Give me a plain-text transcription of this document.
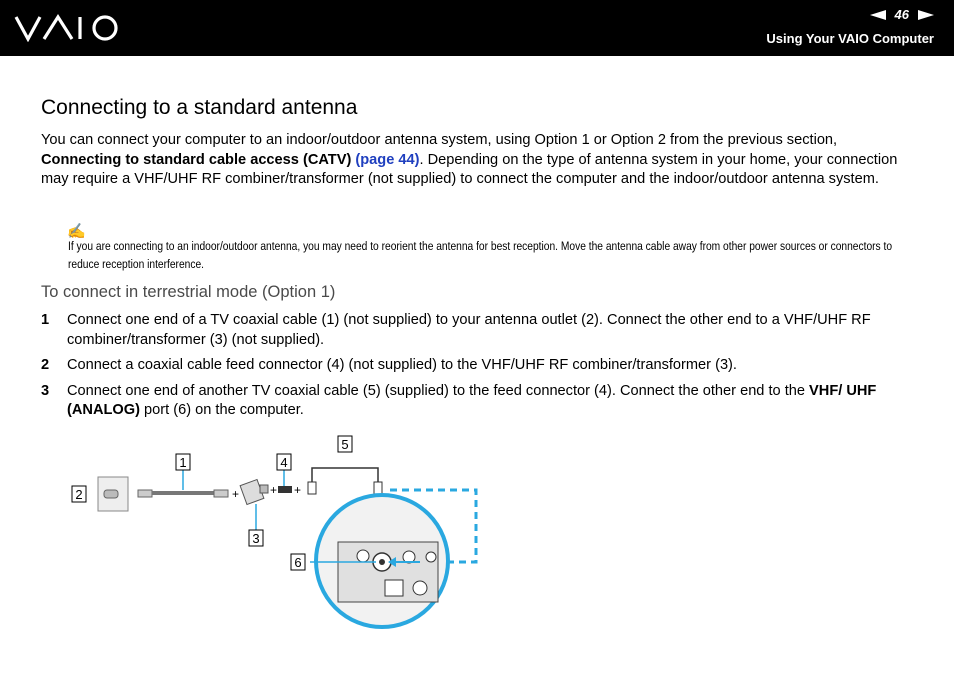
46
Using Your VAIO Computer
Connecting to a standard antenna

You can connect your computer to an indoor/outdoor antenna system, using Option 1 or Option 2 from the previous section, Connecting to standard cable access (CATV) (page 44). Depending on the type of antenna system in your home, your connection may require a VHF/UHF RF combiner/transformer (not supplied) to connect the computer and the indoor/outdoor antenna system.

✍

If you are connecting to an indoor/outdoor antenna, you may need to reorient the antenna for best reception. Move the antenna cable away from other power sources or connectors to reduce reception interference.

To connect in terrestrial mode (Option 1)
1	Connect one end of a TV coaxial cable (1) (not supplied) to your antenna outlet (2). Connect the other end to a VHF/UHF RF combiner/transformer (3) (not supplied).
2	Connect a coaxial cable feed connector (4) (not supplied) to the VHF/UHF RF combiner/transformer (3).
3	Connect one end of another TV coaxial cable (5) (supplied) to the feed connector (4). Connect the other end to the VHF/ UHF (ANALOG) port (6) on the computer.
+	+ +
1
2
3
4
5
6
